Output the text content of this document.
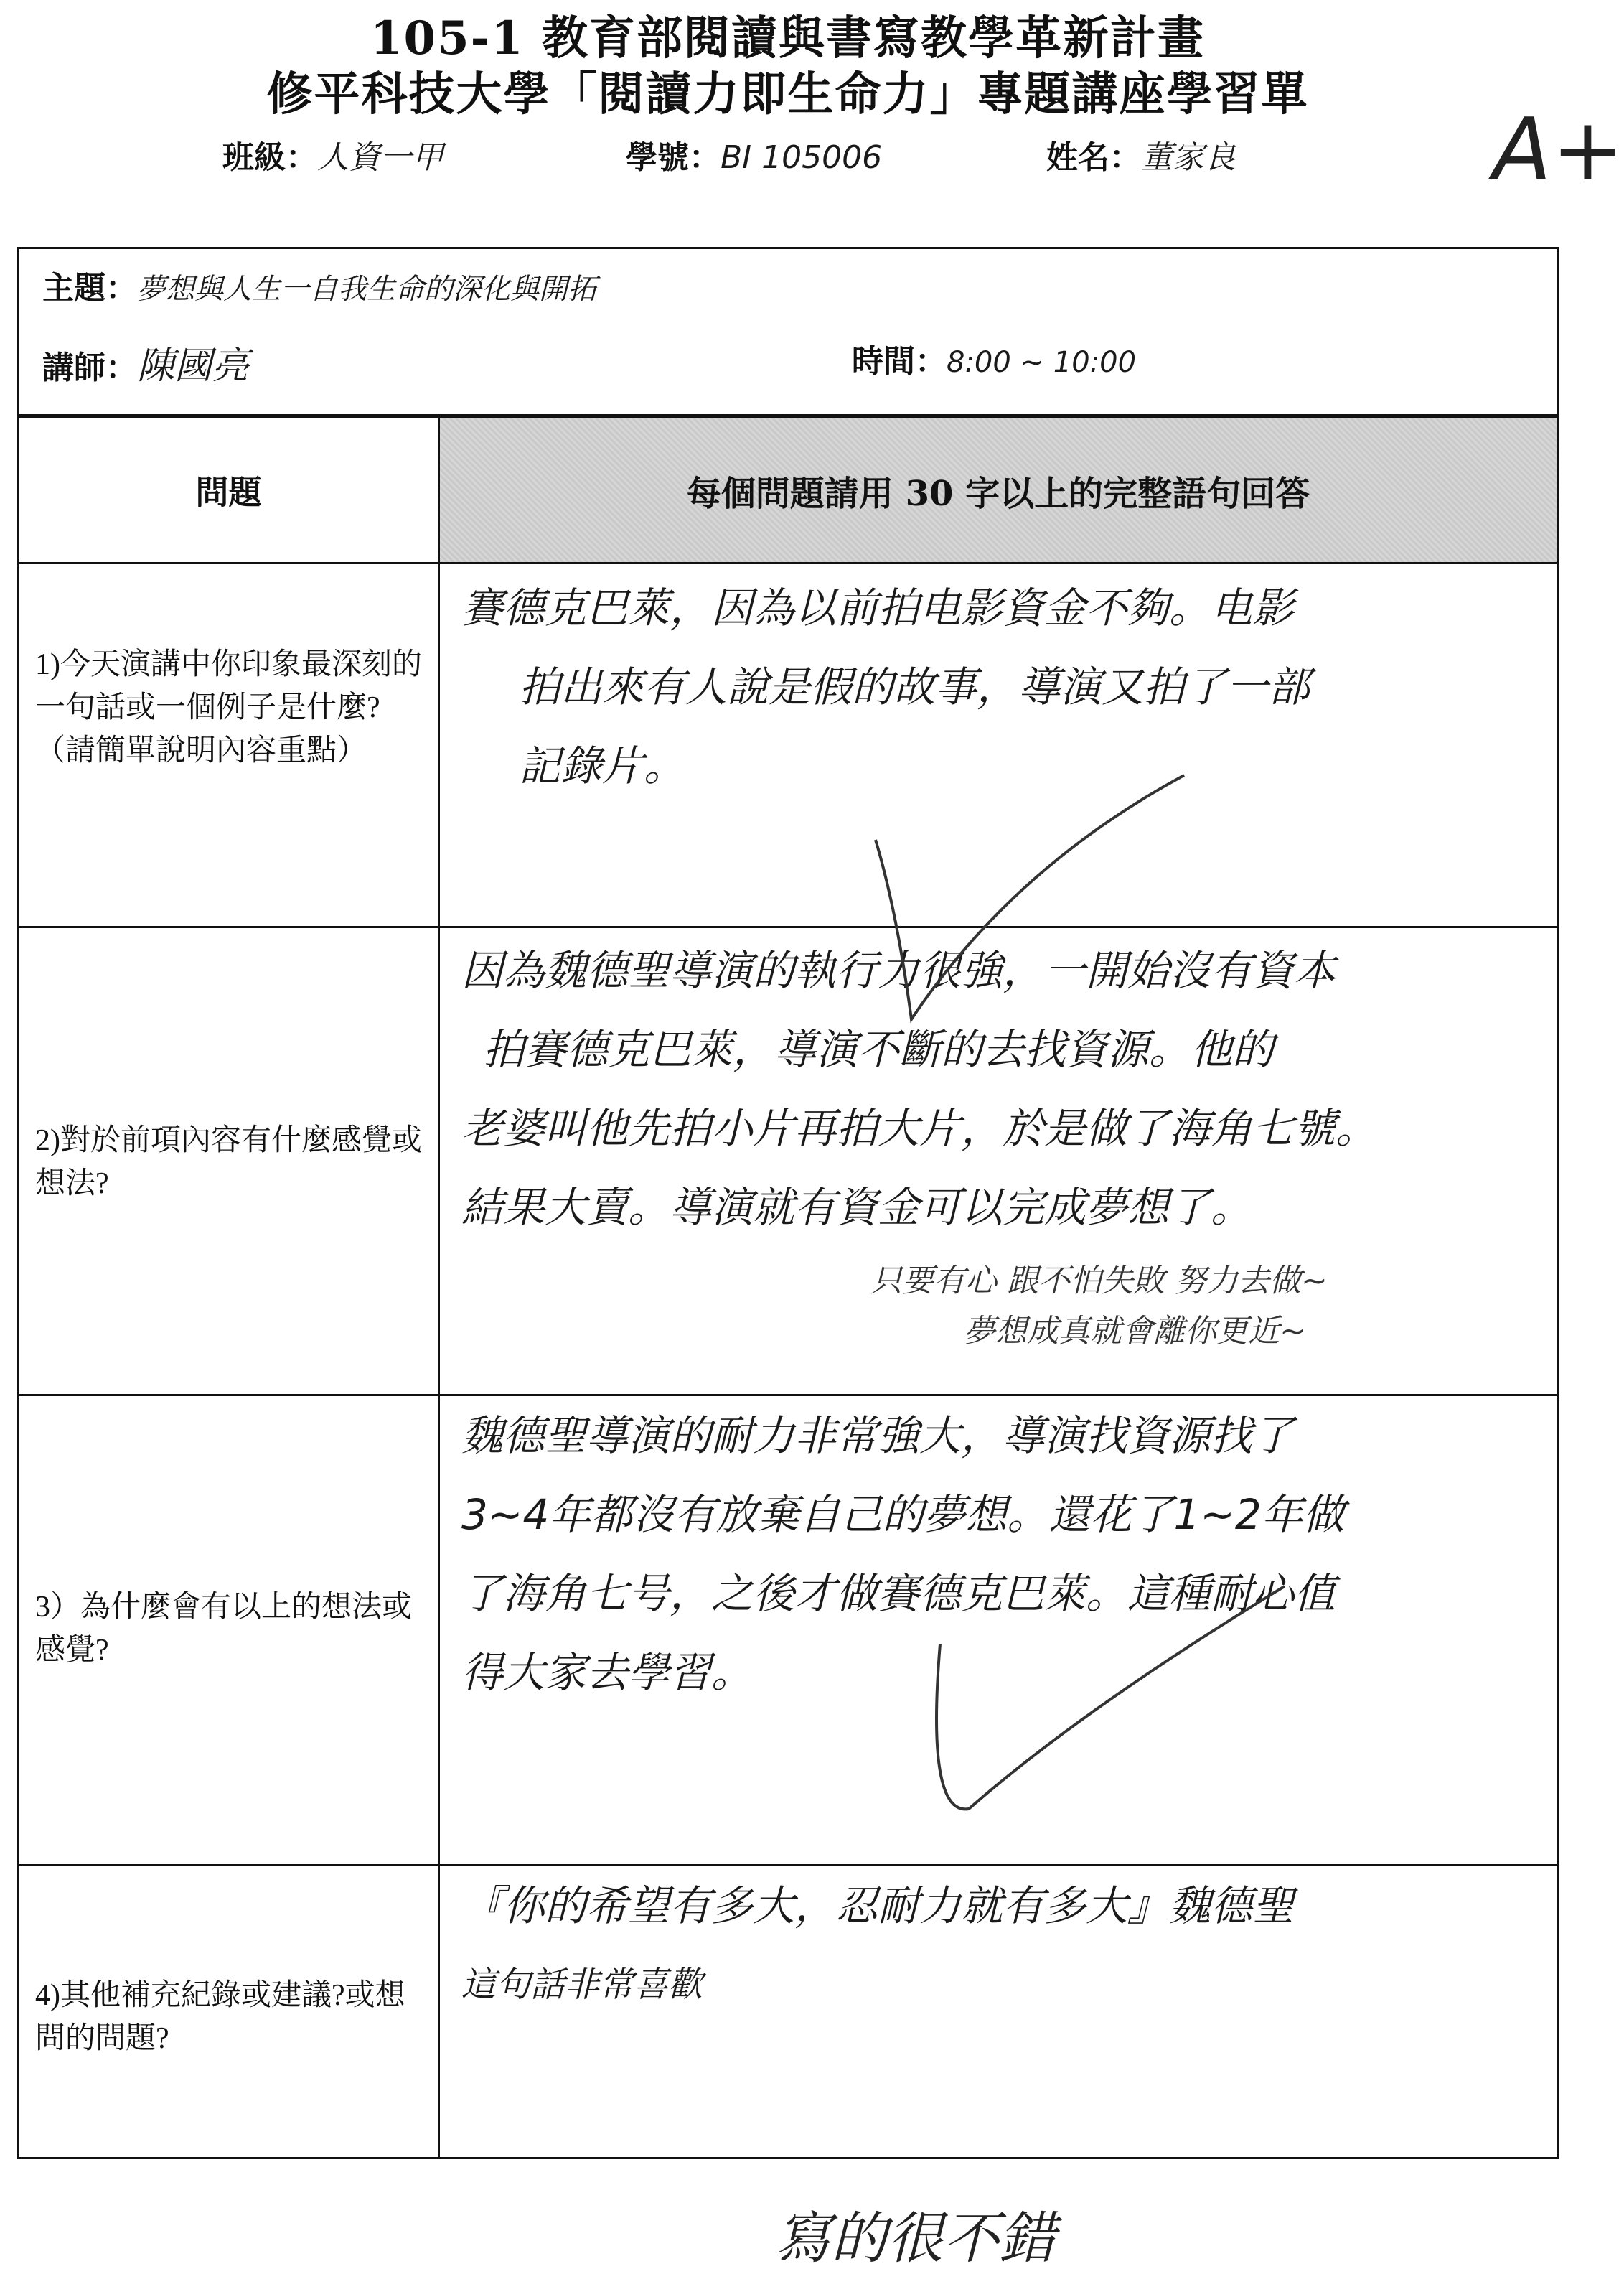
105-1 教育部閱讀與書寫教學革新計畫
修平科技大學「閱讀力即生命力」專題講座學習單
班級：人資一甲	學號：BI 105006	姓名：董家良	A+
主題：夢想與人生一自我生命的深化與開拓
講師：陳國亮	時間：8:00 ~ 10:00
問題	每個問題請用 30 字以上的完整語句回答
1)今天演講中你印象最深刻的一句話或一個例子是什麼?（請簡單說明內容重點）
賽德克巴萊，因為以前拍电影資金不夠。电影
拍出來有人說是假的故事，導演又拍了一部
記錄片。
2)對於前項內容有什麼感覺或想法?
因為魏德聖導演的執行力很強，一開始沒有資本
拍賽德克巴萊，導演不斷的去找資源。他的
老婆叫他先拍小片再拍大片，於是做了海角七號。
結果大賣。導演就有資金可以完成夢想了。
只要有心 跟不怕失敗 努力去做~
夢想成真就會離你更近~
3）為什麼會有以上的想法或感覺?
魏德聖導演的耐力非常強大，導演找資源找了
3~4年都沒有放棄自己的夢想。還花了1~2年做
了海角七号，之後才做賽德克巴萊。這種耐心值
得大家去學習。
4)其他補充紀錄或建議?或想問的問題?
『你的希望有多大，忍耐力就有多大』魏德聖
這句話非常喜歡
寫的很不錯
